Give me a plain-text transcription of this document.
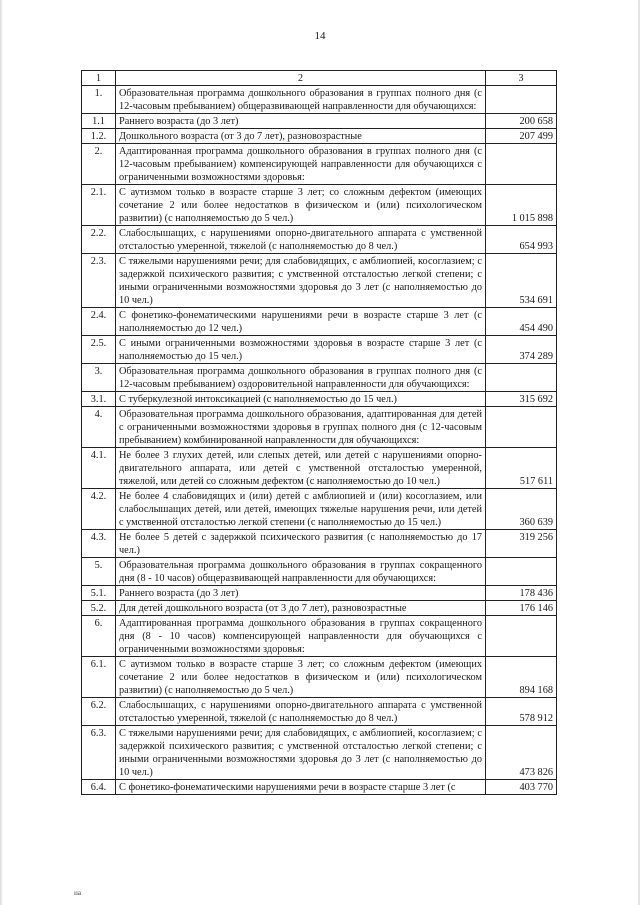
14
1	2	3
1.	Образовательная программа дошкольного образования в группах полного дня (с 12-часовым пребыванием) общеразвивающей направленности для обучающихся:	
1.1	Раннего возраста (до 3 лет)	200 658
1.2.	Дошкольного возраста (от 3 до 7 лет), разновозрастные	207 499
2.	Адаптированная программа дошкольного образования в группах полного дня (с 12-часовым пребыванием) компенсирующей направленности для обучающихся с ограниченными возможностями здоровья:	
2.1.	С аутизмом только в возрасте старше 3 лет; со сложным дефектом (имеющих сочетание 2 или более недостатков в физическом и (или) психологическом развитии) (с наполняемостью до 5 чел.)	1 015 898
2.2.	Слабослышащих, с нарушениями опорно-двигательного аппарата с умственной отсталостью умеренной, тяжелой (с наполняемостью до 8 чел.)	654 993
2.3.	С тяжелыми нарушениями речи; для слабовидящих, с амблиопией, косоглазием; с задержкой психического развития; с умственной отсталостью легкой степени; с иными ограниченными возможностями здоровья до 3 лет (с наполняемостью до 10 чел.)	534 691
2.4.	С фонетико-фонематическими нарушениями речи в возрасте старше 3 лет (с наполняемостью до 12 чел.)	454 490
2.5.	С иными ограниченными возможностями здоровья в возрасте старше 3 лет (с наполняемостью до 15 чел.)	374 289
3.	Образовательная программа дошкольного образования в группах полного дня (с 12-часовым пребыванием) оздоровительной направленности для обучающихся:	
3.1.	С туберкулезной интоксикацией (с наполняемостью до 15 чел.)	315 692
4.	Образовательная программа дошкольного образования, адаптированная для детей с ограниченными возможностями здоровья в группах полного дня (с 12-часовым пребыванием) комбинированной направленности для обучающихся:	
4.1.	Не более 3 глухих детей, или слепых детей, или детей с нарушениями опорно-двигательного аппарата, или детей с умственной отсталостью умеренной, тяжелой, или детей со сложным дефектом (с наполняемостью до 10 чел.)	517 611
4.2.	Не более 4 слабовидящих и (или) детей с амблиопией и (или) косоглазием, или слабослышащих детей, или детей, имеющих тяжелые нарушения речи, или детей с умственной отсталостью легкой степени (с наполняемостью до 15 чел.)	360 639
4.3.	Не более 5 детей с задержкой психического развития (с наполняемостью до 17 чел.)	319 256
5.	Образовательная программа дошкольного образования в группах сокращенного дня (8 - 10 часов) общеразвивающей направленности для обучающихся:	
5.1.	Раннего возраста (до 3 лет)	178 436
5.2.	Для детей дошкольного возраста (от 3 до 7 лет), разновозрастные	176 146
6.	Адаптированная программа дошкольного образования в группах сокращенного дня (8 - 10 часов) компенсирующей направленности для обучающихся с ограниченными возможностями здоровья:	
6.1.	С аутизмом только в возрасте старше 3 лет; со сложным дефектом (имеющих сочетание 2 или более недостатков в физическом и (или) психологическом развитии) (с наполняемостью до 5 чел.)	894 168
6.2.	Слабослышащих, с нарушениями опорно-двигательного аппарата с умственной отсталостью умеренной, тяжелой (с наполняемостью до 8 чел.)	578 912
6.3.	С тяжелыми нарушениями речи; для слабовидящих, с амблиопией, косоглазием; с задержкой психического развития; с умственной отсталостью легкой степени; с иными ограниченными возможностями здоровья до 3 лет (с наполняемостью до 10 чел.)	473 826
6.4.	С фонетико-фонематическими нарушениями речи в возрасте старше 3 лет (с	403 770
ııa
